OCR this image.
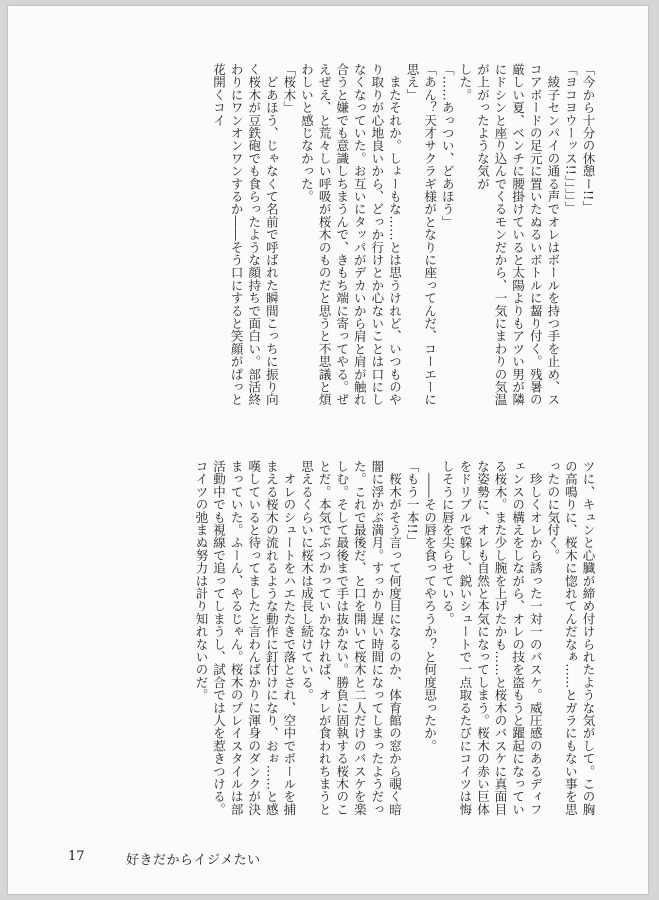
「今から十分の休憩ー!!」

「ヨコヨウーッス!!」」」」」

　綾子センパイの通る声でオレはボールを持つ手を止め、スコアボードの足元に置いたぬるいボトルに齧り付く。残暑の厳しい夏、ベンチに腰掛けていると太陽よりもアツい男が隣にドシンと座り込んでくるモンだから、一気にまわりの気温が上がったような気が

した。

「……あっつい、どあほう」

「あん？天才サクラギ様がとなりに座ってんだ、コーエーに思え」

　またそれか。しょーもな……とは思うけれど、いつものやり取りが心地良いから、どっか行けとか心ないことは口にしなくなっていた。お互いにタッパがデカいから肩と肩が触れ合うと嫌でも意識しちまうんで、きもち端に寄ってやる。ぜえぜえ、と荒々しい呼吸が桜木のものだと思うと不思議と煩わしいと感じなかった。

「桜木」

　どあほう、じゃなくて名前で呼ばれた瞬間こっちに振り向く桜木が豆鉄砲でも食らったような顔持ちで面白い。部活終わりにワンオンワンするか――そう口にすると笑顔がぱっと花開くコイ

ツに、キュンと心臓が締め付けられたような気がして。この胸の高鳴りに、桜木に惚れてんだなぁ……とガラにもない事を思ったのに気付く。

　珍しくオレから誘った一対一のバスケ。威圧感のあるディフェンスの構えをしながら、オレの技を盗もうと躍起になっている桜木。また少し腕を上げたかも……と桜木のバスケに真面目な姿勢に、オレも自然と本気になってしまう。桜木の赤い巨体をドリブルで躱し、鋭いシュートで一点取るたびにコイツは悔しそうに唇を尖らせている。

　――その唇を食ってやろうか？と何度思ったか。

「もう一本!!」

　桜木がそう言って何度目になるのか、体育館の窓から覗く暗闇に浮かぶ満月。すっかり遅い時間になってしまったようだった。これで最後だ、と口を開いて桜木と二人だけのバスケを楽しむ。そして最後まで手は抜かない。勝負に固執する桜木のことだ。本気でぶつかっていかなければ、オレが食われちまうと思えるくらいに桜木は成長し続けている。

　オレのシュートをハエたたきで落とされ、空中でボールを捕まえる桜木の流れるような動作に釘付けになり、おぉ……と感嘆していると待ってましたと言わんばかりに渾身のダンクが決まっていた。ふーん、やるじゃん。桜木のプレイスタイルは部活動中でも視線で追ってしまうし、試合では人を惹きつける。コイツの弛まぬ努力は計り知れないのだ。

17	好きだからイジメたい
